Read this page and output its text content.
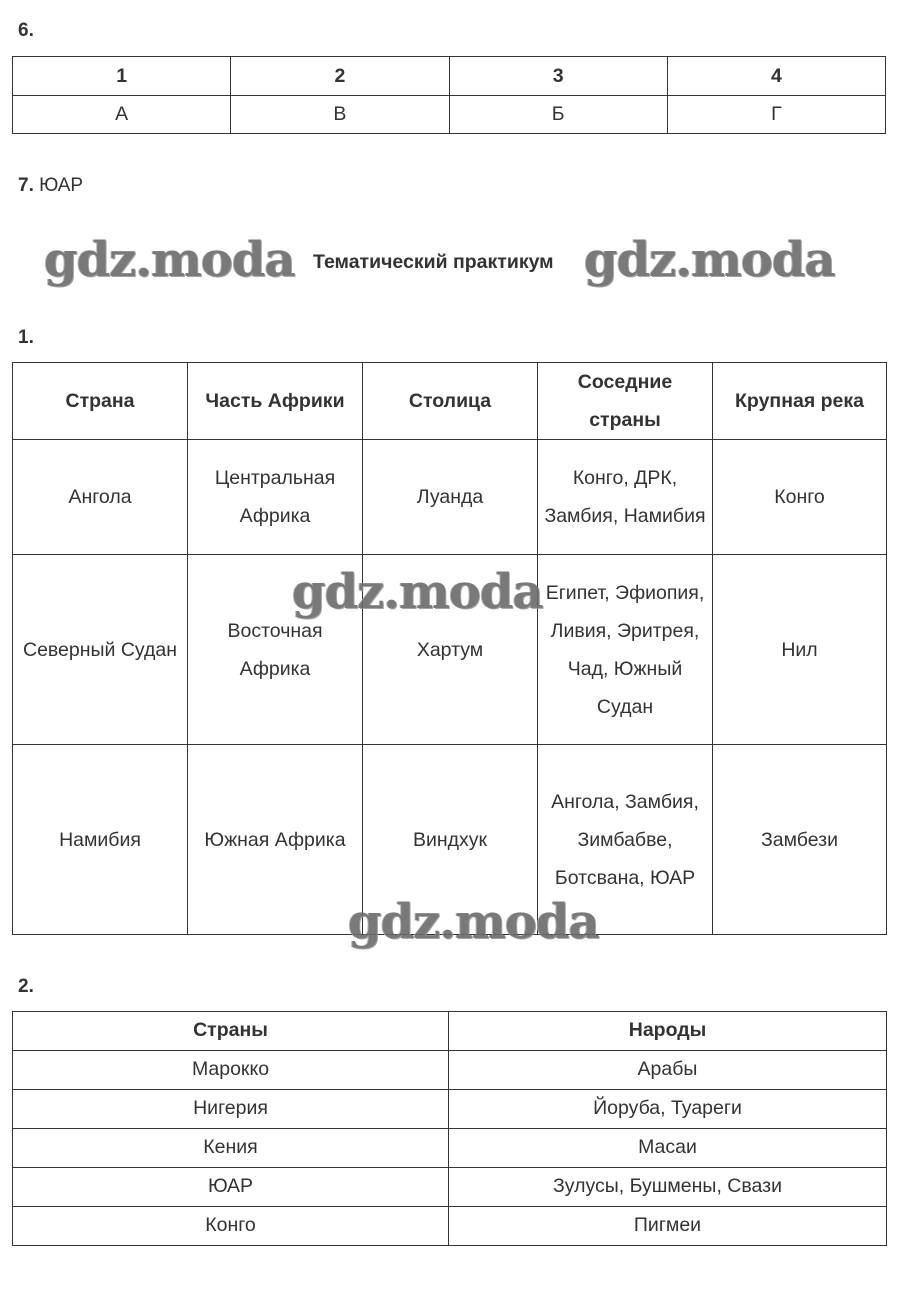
6.
1	2	3	4
А	В	Б	Г
7. ЮАР
gdz.moda Тематический практикум gdz.moda
1.
Страна	Часть Африки	Столица	Соседние страны	Крупная река
Ангола	Центральная Африка	Луанда	Конго, ДРК, Замбия, Намибия	Конго
Северный Судан	Восточная Африка	Хартум	Египет, Эфиопия, Ливия, Эритрея, Чад, Южный Судан	Нил
Намибия	Южная Африка	Виндхук	Ангола, Замбия, Зимбабве, Ботсвана, ЮАР	Замбези
gdz.moda
gdz.moda
2.
Страны	Народы
Марокко	Арабы
Нигерия	Йоруба, Туареги
Кения	Масаи
ЮАР	Зулусы, Бушмены, Свази
Конго	Пигмеи
